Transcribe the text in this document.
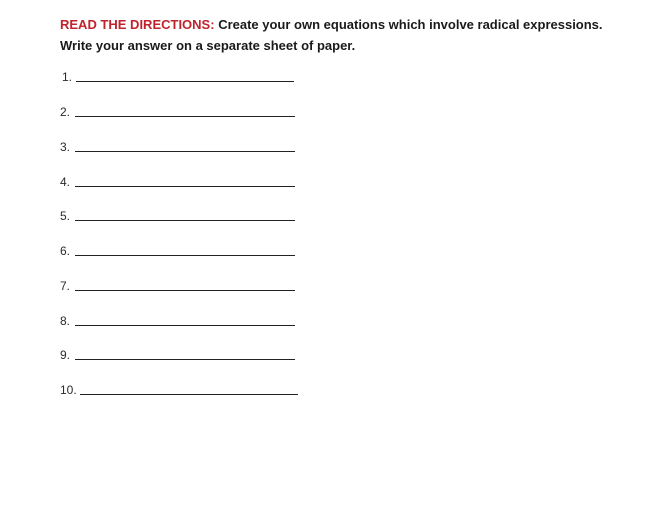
READ THE DIRECTIONS: Create your own equations which involve radical expressions. Write your answer on a separate sheet of paper.
1.
2.
3.
4.
5.
6.
7.
8.
9.
10.
